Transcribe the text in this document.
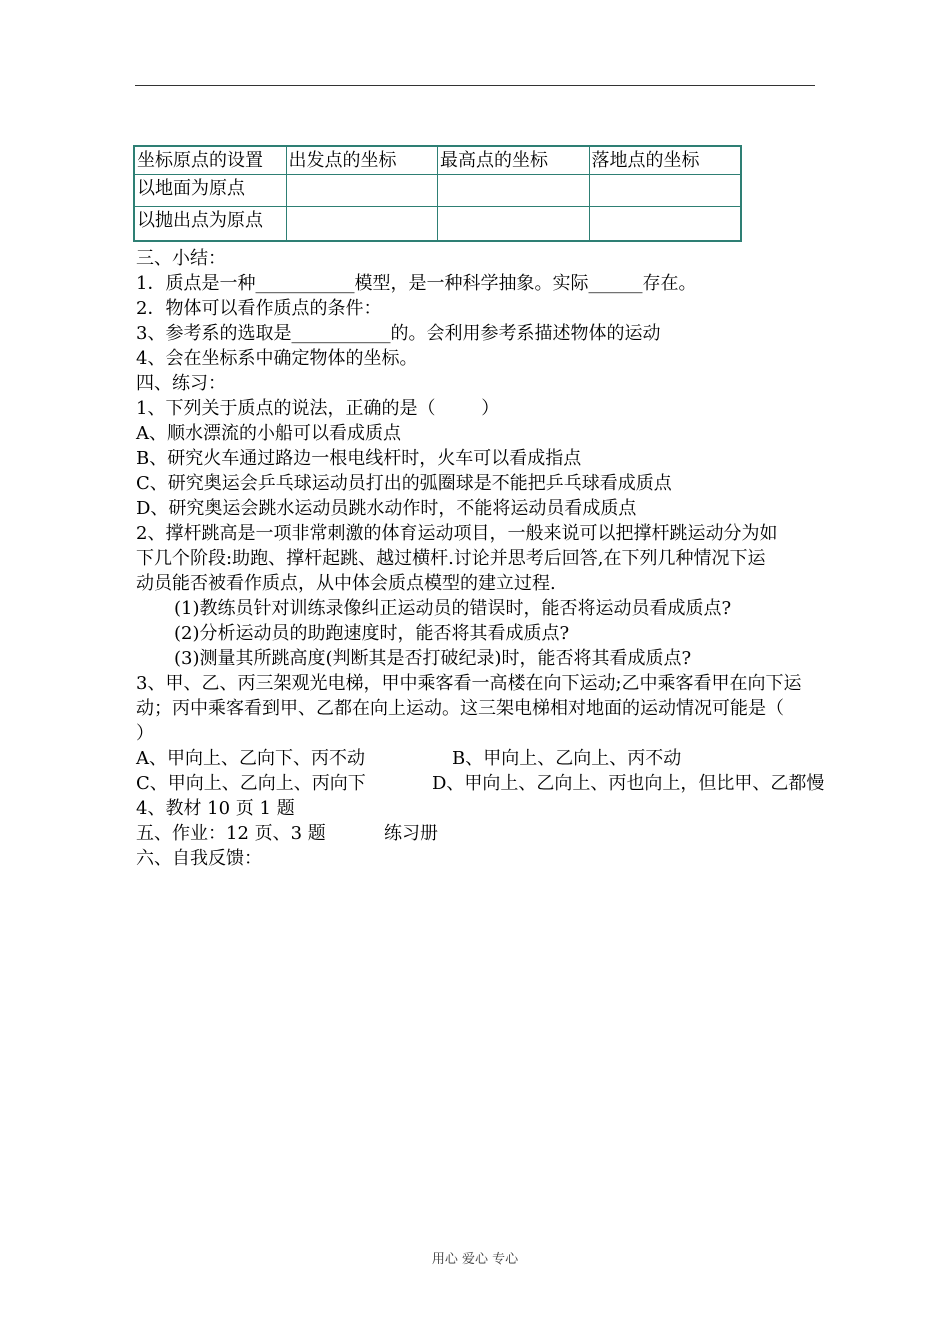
坐标原点的设置	出发点的坐标	最高点的坐标	落地点的坐标
以地面为原点			
以抛出点为原点			
三、小结：
1．质点是一种___________模型，是一种科学抽象。实际______存在。
2．物体可以看作质点的条件：
3、参考系的选取是___________的。会利用参考系描述物体的运动
4、会在坐标系中确定物体的坐标。
四、练习：
1、下列关于质点的说法，正确的是（        ）
A、顺水漂流的小船可以看成质点
B、研究火车通过路边一根电线杆时，火车可以看成指点
C、研究奥运会乒乓球运动员打出的弧圈球是不能把乒乓球看成质点
D、研究奥运会跳水运动员跳水动作时，不能将运动员看成质点
2、撑杆跳高是一项非常刺激的体育运动项目，一般来说可以把撑杆跳运动分为如
下几个阶段:助跑、撑杆起跳、越过横杆.讨论并思考后回答,在下列几种情况下运
动员能否被看作质点，从中体会质点模型的建立过程.
(1)教练员针对训练录像纠正运动员的错误时，能否将运动员看成质点?
(2)分析运动员的助跑速度时，能否将其看成质点?
(3)测量其所跳高度(判断其是否打破纪录)时，能否将其看成质点?
3、甲、乙、丙三架观光电梯，甲中乘客看一高楼在向下运动;乙中乘客看甲在向下运
动；丙中乘客看到甲、乙都在向上运动。这三架电梯相对地面的运动情况可能是（
）
A、甲向上、乙向下、丙不动	B、甲向上、乙向上、丙不动
C、甲向上、乙向上、丙向下	D、甲向上、乙向上、丙也向上，但比甲、乙都慢
4、教材 10 页 1 题
五、作业：12 页、3 题	练习册
六、自我反馈：
用心 爱心 专心
